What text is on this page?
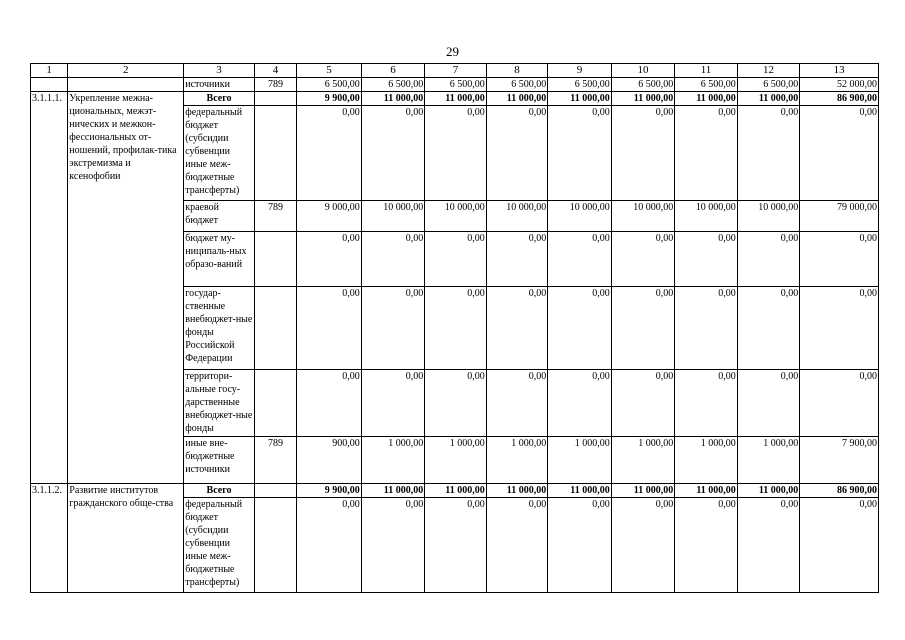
29
1	2	3	4	5	6	7	8	9	10	11	12	13
		источники	789	6 500,00	6 500,00	6 500,00	6 500,00	6 500,00	6 500,00	6 500,00	6 500,00	52 000,00
3.1.1.1.	Укрепление межна-циональных, межэт-нических и межкон-фессиональных от-ношений, профилак-тика экстремизма и ксенофобии	Всего		9 900,00	11 000,00	11 000,00	11 000,00	11 000,00	11 000,00	11 000,00	11 000,00	86 900,00
		федеральный бюджет (субсидии субвенции иные меж-бюджетные трансферты)		0,00	0,00	0,00	0,00	0,00	0,00	0,00	0,00	0,00
		краевой бюджет	789	9 000,00	10 000,00	10 000,00	10 000,00	10 000,00	10 000,00	10 000,00	10 000,00	79 000,00
		бюджет му-ниципаль-ных образо-ваний		0,00	0,00	0,00	0,00	0,00	0,00	0,00	0,00	0,00
		государ-ственные внебюджет-ные фонды Российской Федерации		0,00	0,00	0,00	0,00	0,00	0,00	0,00	0,00	0,00
		территори-альные госу-дарственные внебюджет-ные фонды		0,00	0,00	0,00	0,00	0,00	0,00	0,00	0,00	0,00
		иные вне-бюджетные источники	789	900,00	1 000,00	1 000,00	1 000,00	1 000,00	1 000,00	1 000,00	1 000,00	7 900,00
3.1.1.2.	Развитие институтов гражданского обще-ства	Всего		9 900,00	11 000,00	11 000,00	11 000,00	11 000,00	11 000,00	11 000,00	11 000,00	86 900,00
		федеральный бюджет (субсидии субвенции иные меж-бюджетные трансферты)		0,00	0,00	0,00	0,00	0,00	0,00	0,00	0,00	0,00
